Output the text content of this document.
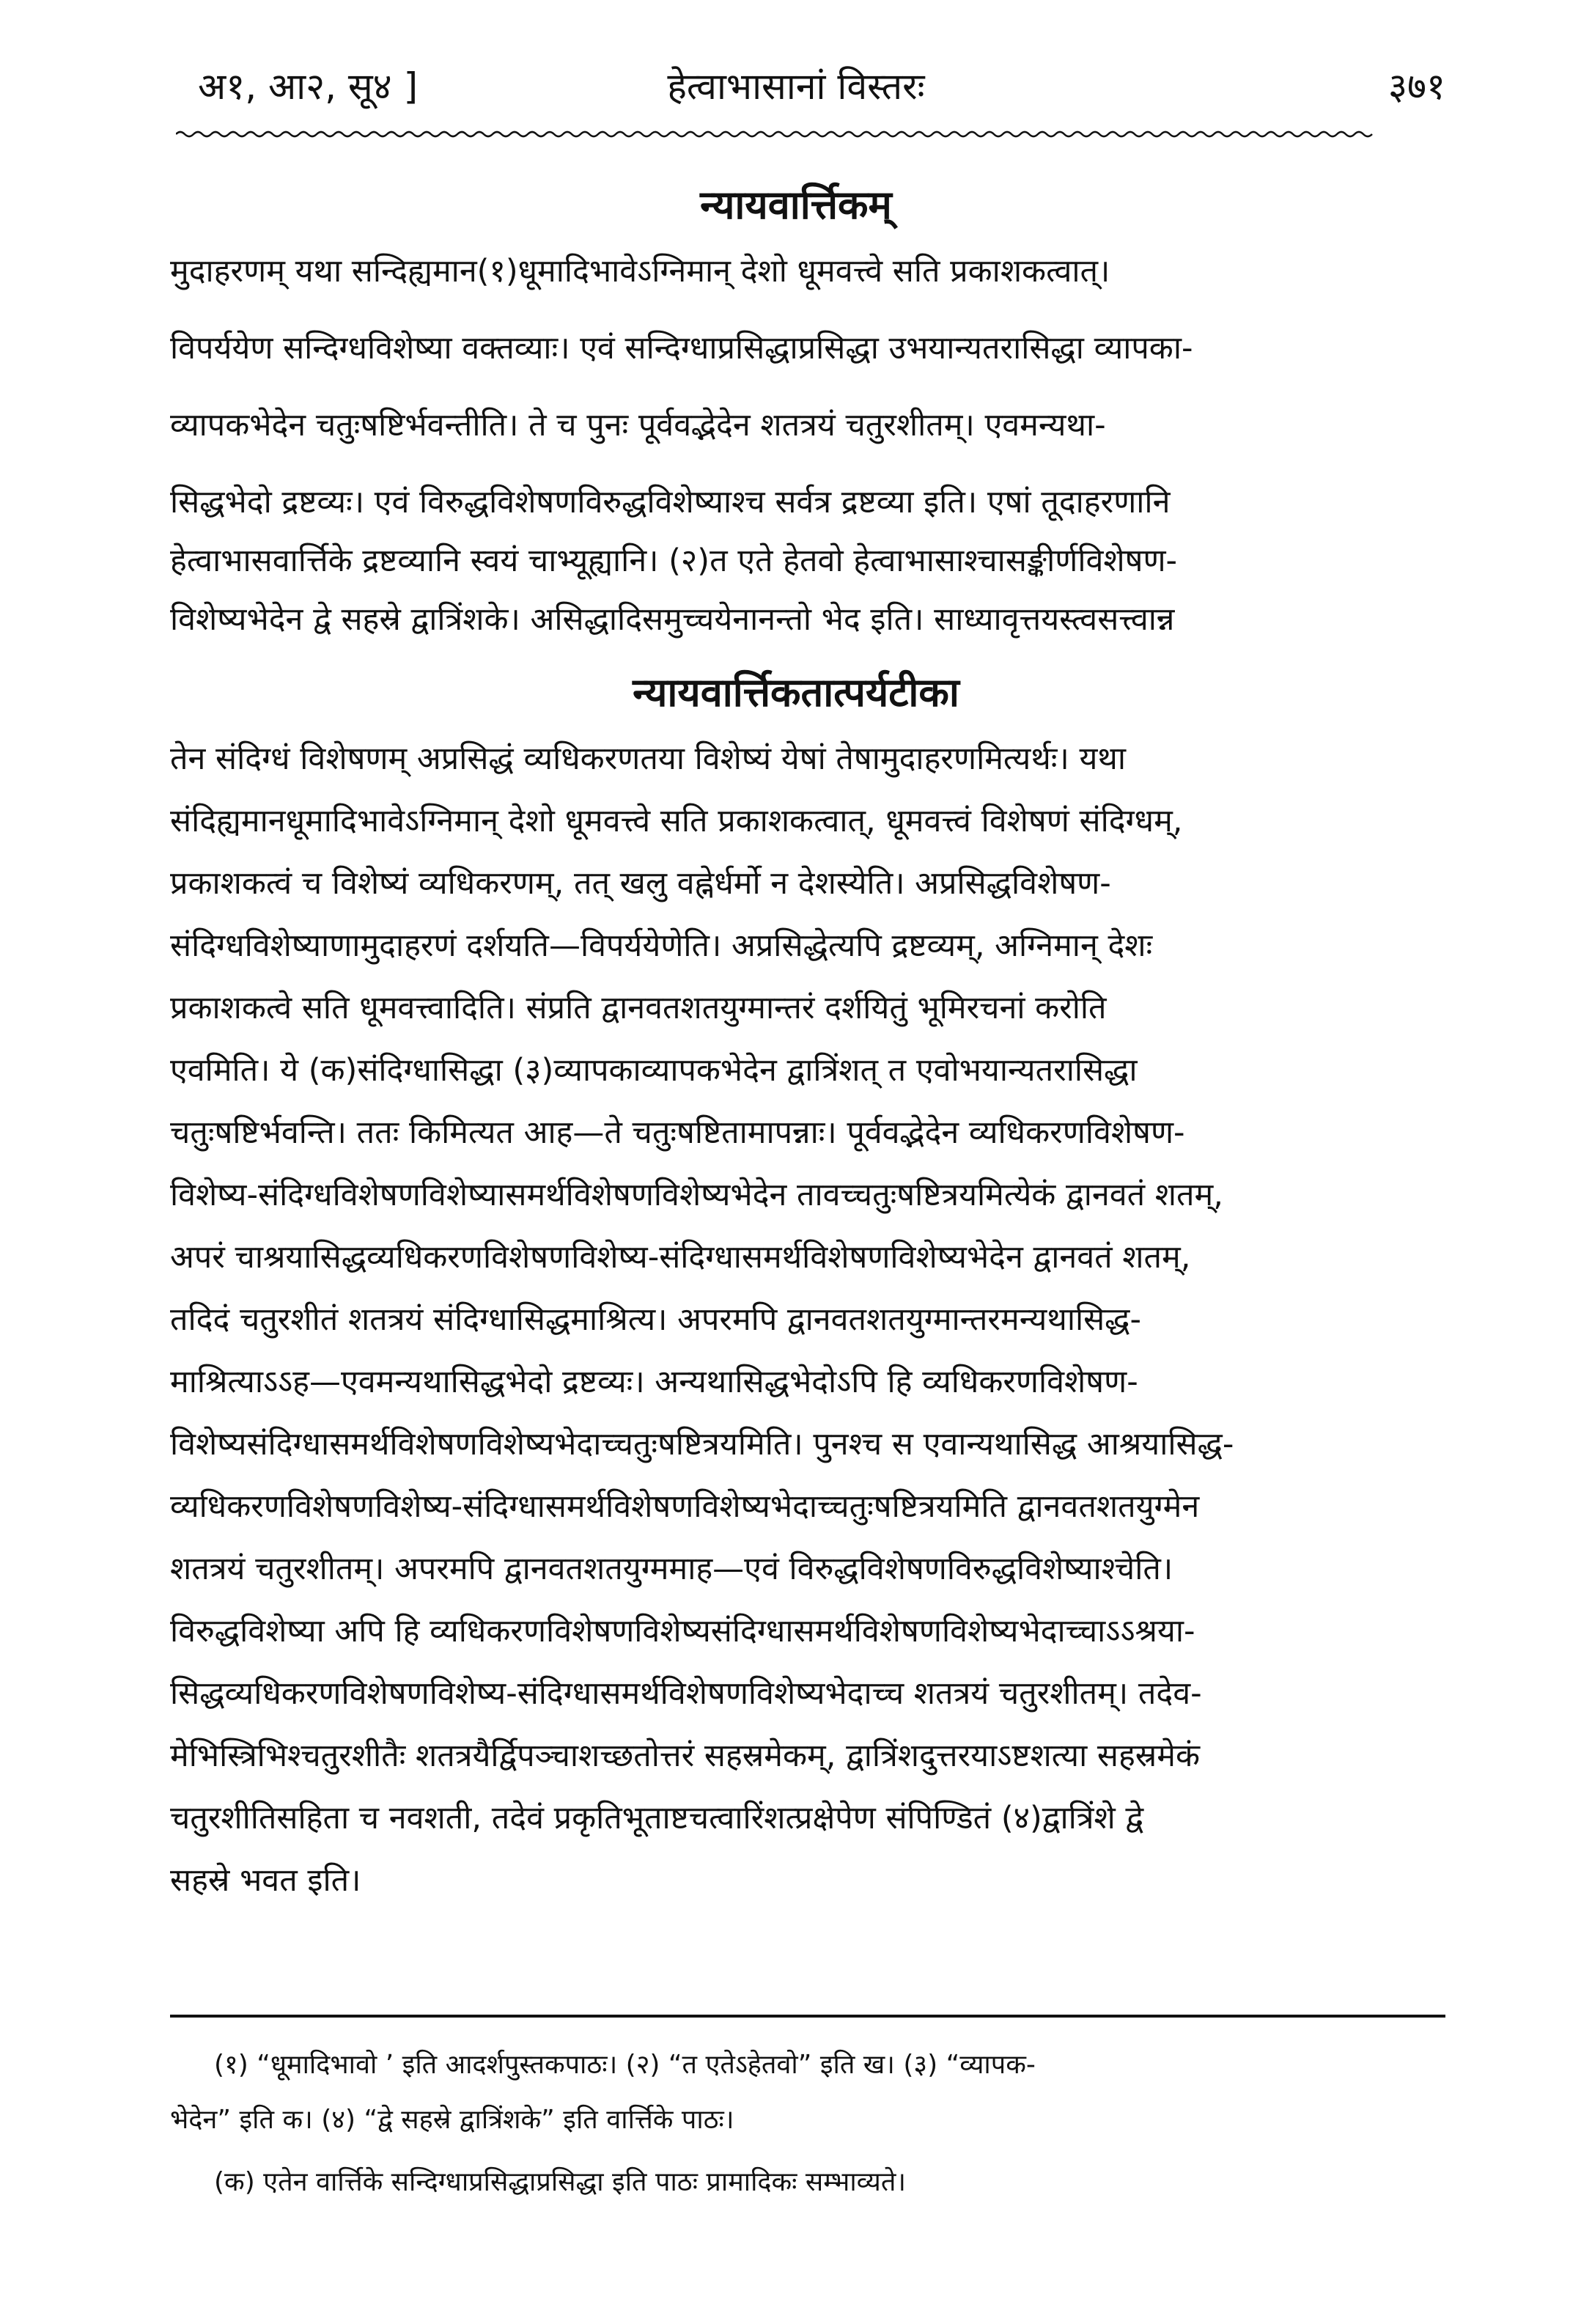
अ१, आ२, सू४ ]	हेत्वाभासानां विस्तरः	३७१
न्यायवार्त्तिकम्
मुदाहरणम् यथा सन्दिह्यमान(१)धूमादिभावेऽग्निमान् देशो धूमवत्त्वे सति प्रकाशकत्वात्।
विपर्ययेण सन्दिग्धविशेष्या वक्तव्याः। एवं सन्दिग्धाप्रसिद्धाप्रसिद्धा उभयान्यतरासिद्धा व्यापका-
व्यापकभेदेन चतुःषष्टिर्भवन्तीति। ते च पुनः पूर्ववद्भेदेन शतत्रयं चतुरशीतम्। एवमन्यथा-
सिद्धभेदो द्रष्टव्यः। एवं विरुद्धविशेषणविरुद्धविशेष्याश्च सर्वत्र द्रष्टव्या इति। एषां तूदाहरणानि
हेत्वाभासवार्त्तिके द्रष्टव्यानि स्वयं चाभ्यूह्यानि। (२)त एते हेतवो हेत्वाभासाश्चासङ्कीर्णविशेषण-
विशेष्यभेदेन द्वे सहस्रे द्वात्रिंशके। असिद्धादिसमुच्चयेनानन्तो भेद इति। साध्यावृत्तयस्त्वसत्त्वान्न
न्यायवार्त्तिकतात्पर्यटीका
तेन संदिग्धं विशेषणम् अप्रसिद्धं व्यधिकरणतया विशेष्यं येषां तेषामुदाहरणमित्यर्थः। यथा
संदिह्यमानधूमादिभावेऽग्निमान् देशो धूमवत्त्वे सति प्रकाशकत्वात्, धूमवत्त्वं विशेषणं संदिग्धम्,
प्रकाशकत्वं च विशेष्यं व्यधिकरणम्, तत् खलु वह्नेर्धर्मो न देशस्येति। अप्रसिद्धविशेषण-
संदिग्धविशेष्याणामुदाहरणं दर्शयति—विपर्ययेणेति। अप्रसिद्धेत्यपि द्रष्टव्यम्, अग्निमान् देशः
प्रकाशकत्वे सति धूमवत्त्वादिति। संप्रति द्वानवतशतयुग्मान्तरं दर्शयितुं भूमिरचनां करोति
एवमिति। ये (क)संदिग्धासिद्धा (३)व्यापकाव्यापकभेदेन द्वात्रिंशत् त एवोभयान्यतरासिद्धा
चतुःषष्टिर्भवन्ति। ततः किमित्यत आह—ते चतुःषष्टितामापन्नाः। पूर्ववद्भेदेन व्यधिकरणविशेषण-
विशेष्य-संदिग्धविशेषणविशेष्यासमर्थविशेषणविशेष्यभेदेन तावच्चतुःषष्टित्रयमित्येकं द्वानवतं शतम्,
अपरं चाश्रयासिद्धव्यधिकरणविशेषणविशेष्य-संदिग्धासमर्थविशेषणविशेष्यभेदेन द्वानवतं शतम्,
तदिदं चतुरशीतं शतत्रयं संदिग्धासिद्धमाश्रित्य। अपरमपि द्वानवतशतयुग्मान्तरमन्यथासिद्ध-
माश्रित्याऽऽह—एवमन्यथासिद्धभेदो द्रष्टव्यः। अन्यथासिद्धभेदोऽपि हि व्यधिकरणविशेषण-
विशेष्यसंदिग्धासमर्थविशेषणविशेष्यभेदाच्चतुःषष्टित्रयमिति। पुनश्च स एवान्यथासिद्ध आश्रयासिद्ध-
व्यधिकरणविशेषणविशेष्य-संदिग्धासमर्थविशेषणविशेष्यभेदाच्चतुःषष्टित्रयमिति द्वानवतशतयुग्मेन
शतत्रयं चतुरशीतम्। अपरमपि द्वानवतशतयुग्ममाह—एवं विरुद्धविशेषणविरुद्धविशेष्याश्चेति।
विरुद्धविशेष्या अपि हि व्यधिकरणविशेषणविशेष्यसंदिग्धासमर्थविशेषणविशेष्यभेदाच्चाऽऽश्रया-
सिद्धव्यधिकरणविशेषणविशेष्य-संदिग्धासमर्थविशेषणविशेष्यभेदाच्च शतत्रयं चतुरशीतम्। तदेव-
मेभिस्त्रिभिश्चतुरशीतैः शतत्रयैर्द्विपञ्चाशच्छतोत्तरं सहस्रमेकम्, द्वात्रिंशदुत्तरयाऽष्टशत्या सहस्रमेकं
चतुरशीतिसहिता च नवशती, तदेवं प्रकृतिभूताष्टचत्वारिंशत्प्रक्षेपेण संपिण्डितं (४)द्वात्रिंशे द्वे
सहस्रे भवत इति।
(१) “धूमादिभावो ’ इति आदर्शपुस्तकपाठः। (२) “त एतेऽहेतवो” इति ख। (३) “व्यापक-
भेदेन” इति क। (४) “द्वे सहस्रे द्वात्रिंशके” इति वार्त्तिके पाठः।
(क) एतेन वार्त्तिके सन्दिग्धाप्रसिद्धाप्रसिद्धा इति पाठः प्रामादिकः सम्भाव्यते।
